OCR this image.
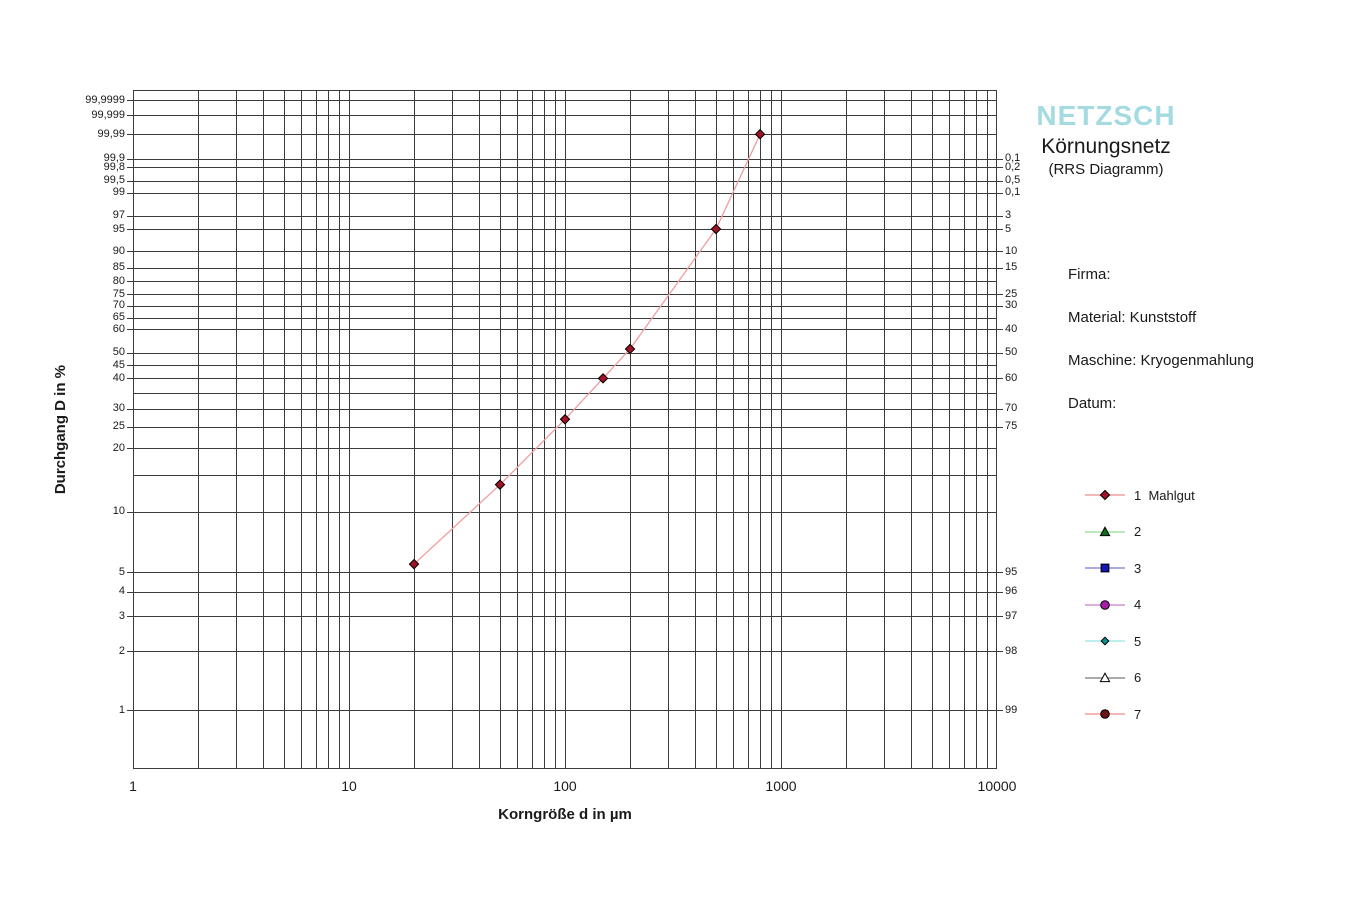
Durchgang D in %
Korngröße d in µm
NETZSCH
Körnungsnetz
(RRS Diagramm)
Firma:
Material: Kunststoff
Maschine: Kryogenmahlung
Datum:
1  Mahlgut
2
3
4
5
6
7
99,9999
99,999
99,99
99,9
99,8
99,5
99
97
95
90
85
80
75
70
65
60
50
45
40
30
25
20
10
5
4
3
2
1
0,1
0,2
0,5
0,1
3
5
10
15
25
30
40
50
60
70
75
95
96
97
98
99
1	10	100	1000	10000
